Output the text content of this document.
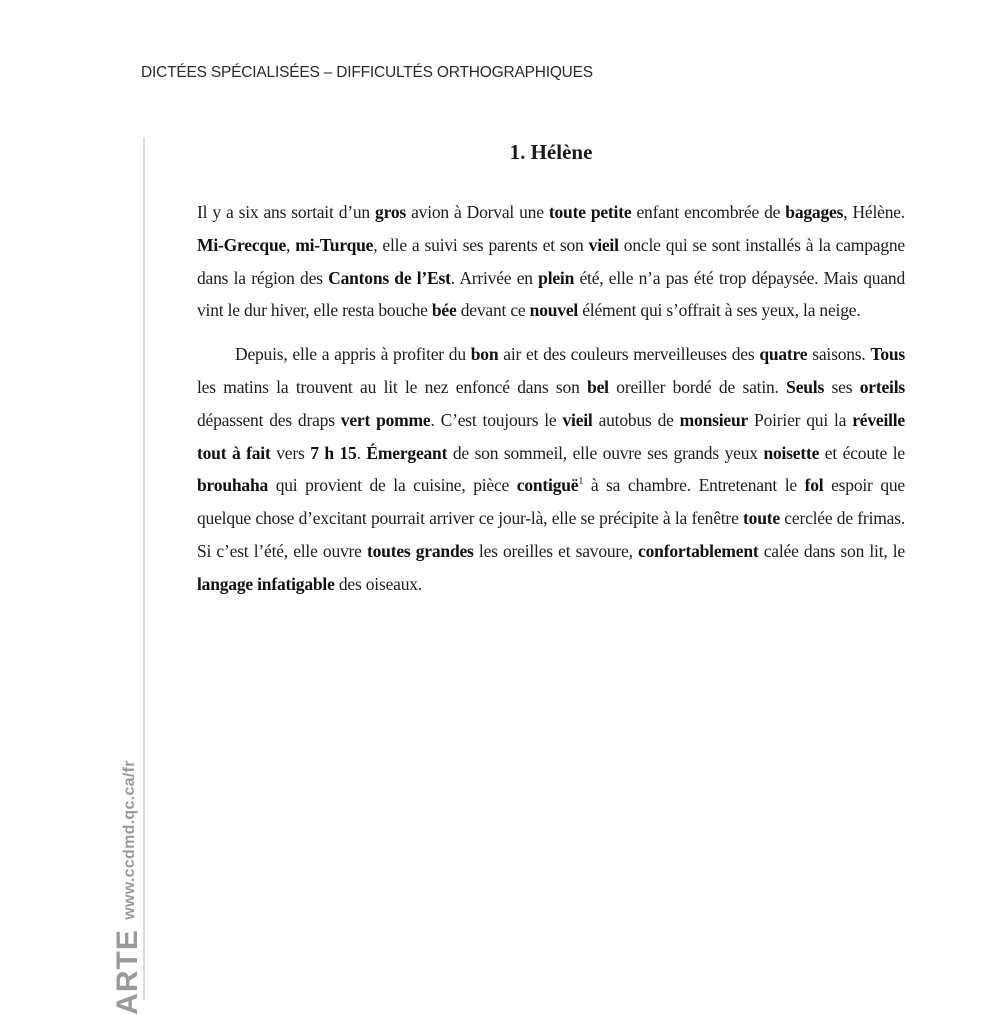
DICTÉES SPÉCIALISÉES – DIFFICULTÉS ORTHOGRAPHIQUES
www.ccdmd.qc.ca/fr
ARTE
1. Hélène

Il y a six ans sortait d’un gros avion à Dorval une toute petite enfant encombrée de bagages, Hélène. Mi-Grecque, mi-Turque, elle a suivi ses parents et son vieil oncle qui se sont installés à la campagne dans la région des Cantons de l’Est. Arrivée en plein été, elle n’a pas été trop dépaysée. Mais quand vint le dur hiver, elle resta bouche bée devant ce nouvel élément qui s’offrait à ses yeux, la neige.

Depuis, elle a appris à profiter du bon air et des couleurs merveilleuses des quatre saisons. Tous les matins la trouvent au lit le nez enfoncé dans son bel oreiller bordé de satin. Seuls ses orteils dépassent des draps vert pomme. C’est toujours le vieil autobus de monsieur Poirier qui la réveille tout à fait vers 7 h 15. Émergeant de son sommeil, elle ouvre ses grands yeux noisette et écoute le brouhaha qui provient de la cuisine, pièce contiguë$^1$ à sa chambre. Entretenant le fol espoir que quelque chose d’excitant pourrait arriver ce jour-là, elle se précipite à la fenêtre toute cerclée de frimas. Si c’est l’été, elle ouvre toutes grandes les oreilles et savoure, confortablement calée dans son lit, le langage infatigable des oiseaux.
